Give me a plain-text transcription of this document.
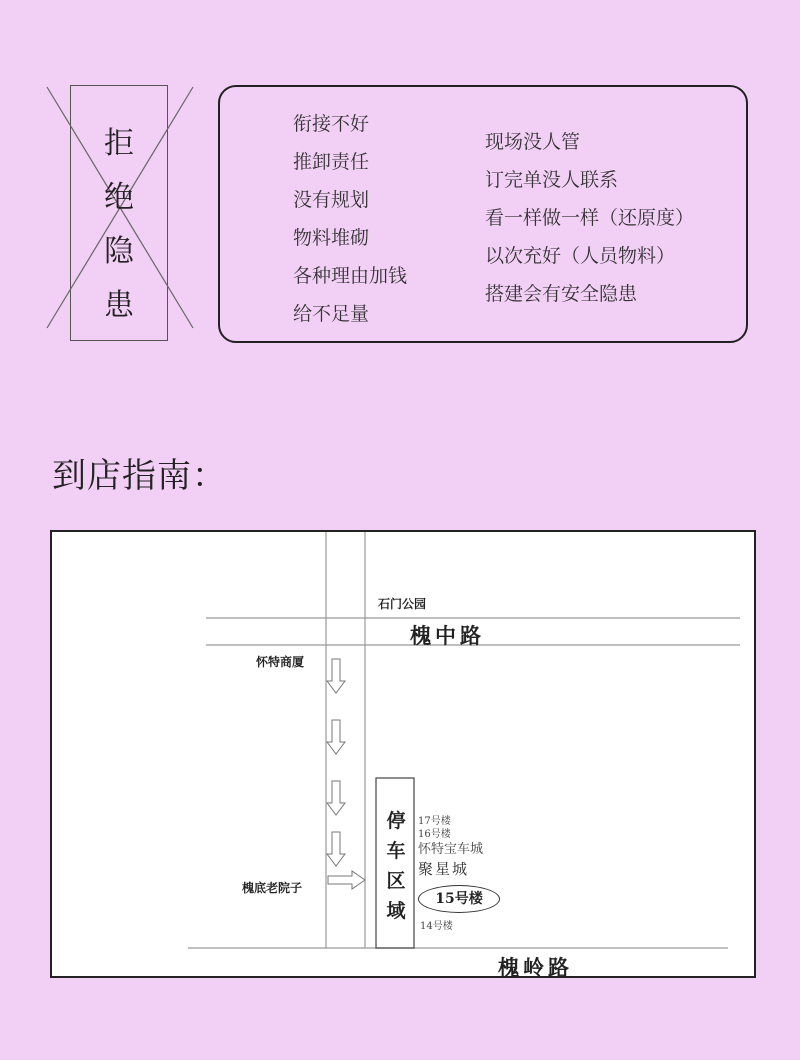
拒
绝
隐
患
衔接不好
推卸责任
没有规划
物料堆砌
各种理由加钱
给不足量
现场没人管
订完单没人联系
看一样做一样（还原度）
以次充好（人员物料）
搭建会有安全隐患
到店指南：
石门公园
槐中路
怀特商厦
槐底老院子
停
车
区
域
17号楼
16号楼
怀特宝车城
聚星城
15号楼
14号楼
槐岭路
